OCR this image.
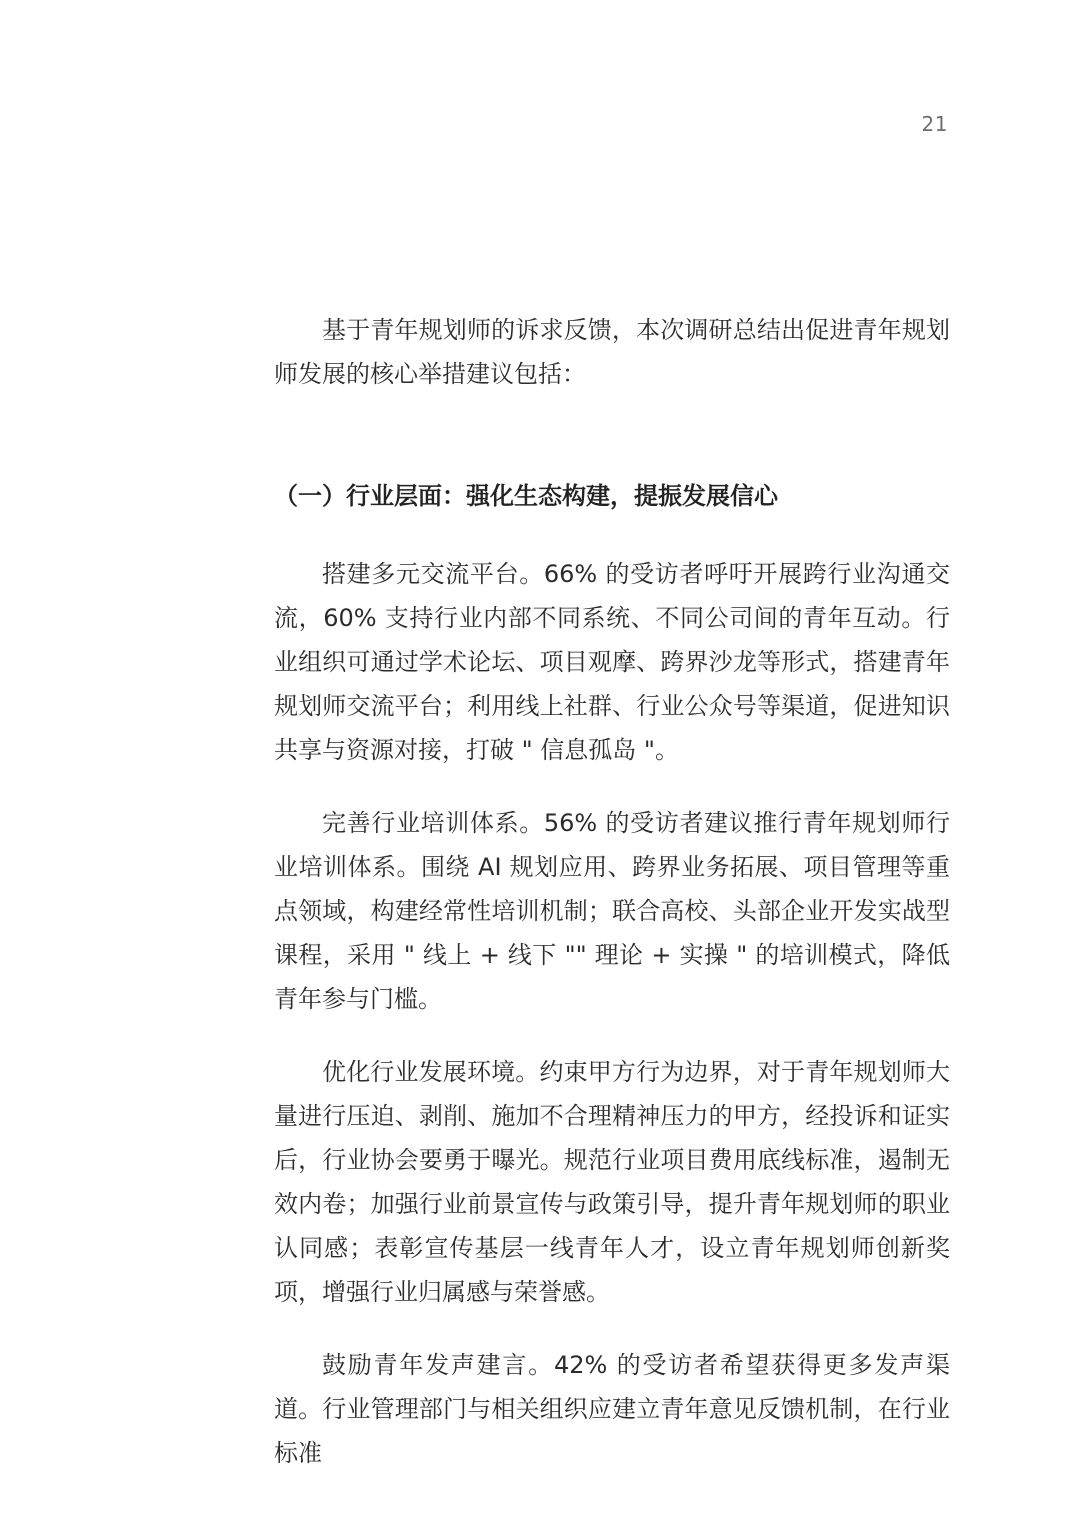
21

基于青年规划师的诉求反馈，本次调研总结出促进青年规划师发展的核心举措建议包括：

（一）行业层面：强化生态构建，提振发展信心

搭建多元交流平台。66% 的受访者呼吁开展跨行业沟通交流，60% 支持行业内部不同系统、不同公司间的青年互动。行业组织可通过学术论坛、项目观摩、跨界沙龙等形式，搭建青年规划师交流平台；利用线上社群、行业公众号等渠道，促进知识共享与资源对接，打破 " 信息孤岛 "。

完善行业培训体系。56% 的受访者建议推行青年规划师行业培训体系。围绕 AI 规划应用、跨界业务拓展、项目管理等重点领域，构建经常性培训机制；联合高校、头部企业开发实战型课程，采用 " 线上 + 线下 "" 理论 + 实操 " 的培训模式，降低青年参与门槛。

优化行业发展环境。约束甲方行为边界，对于青年规划师大量进行压迫、剥削、施加不合理精神压力的甲方，经投诉和证实后，行业协会要勇于曝光。规范行业项目费用底线标准，遏制无效内卷；加强行业前景宣传与政策引导，提升青年规划师的职业认同感；表彰宣传基层一线青年人才，设立青年规划师创新奖项，增强行业归属感与荣誉感。

鼓励青年发声建言。42% 的受访者希望获得更多发声渠道。行业管理部门与相关组织应建立青年意见反馈机制，在行业标准
